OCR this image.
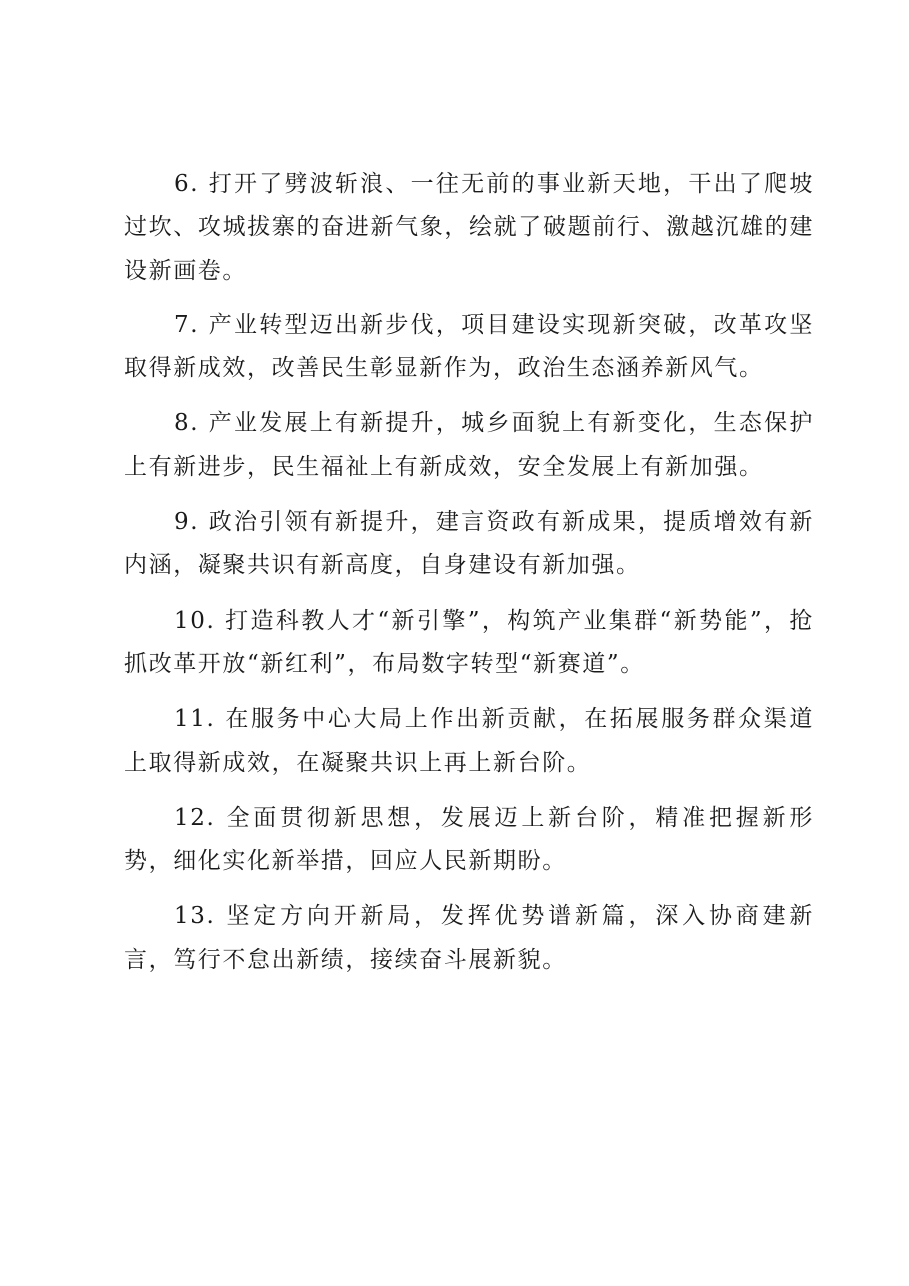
6. 打开了劈波斩浪、一往无前的事业新天地，干出了爬坡过坎、攻城拔寨的奋进新气象，绘就了破题前行、激越沉雄的建设新画卷。

7. 产业转型迈出新步伐，项目建设实现新突破，改革攻坚取得新成效，改善民生彰显新作为，政治生态涵养新风气。

8. 产业发展上有新提升，城乡面貌上有新变化，生态保护上有新进步，民生福祉上有新成效，安全发展上有新加强。

9. 政治引领有新提升，建言资政有新成果，提质增效有新内涵，凝聚共识有新高度，自身建设有新加强。

10. 打造科教人才“新引擎”，构筑产业集群“新势能”，抢抓改革开放“新红利”，布局数字转型“新赛道”。

11. 在服务中心大局上作出新贡献，在拓展服务群众渠道上取得新成效，在凝聚共识上再上新台阶。

12. 全面贯彻新思想，发展迈上新台阶，精准把握新形势，细化实化新举措，回应人民新期盼。

13. 坚定方向开新局，发挥优势谱新篇，深入协商建新言，笃行不怠出新绩，接续奋斗展新貌。
